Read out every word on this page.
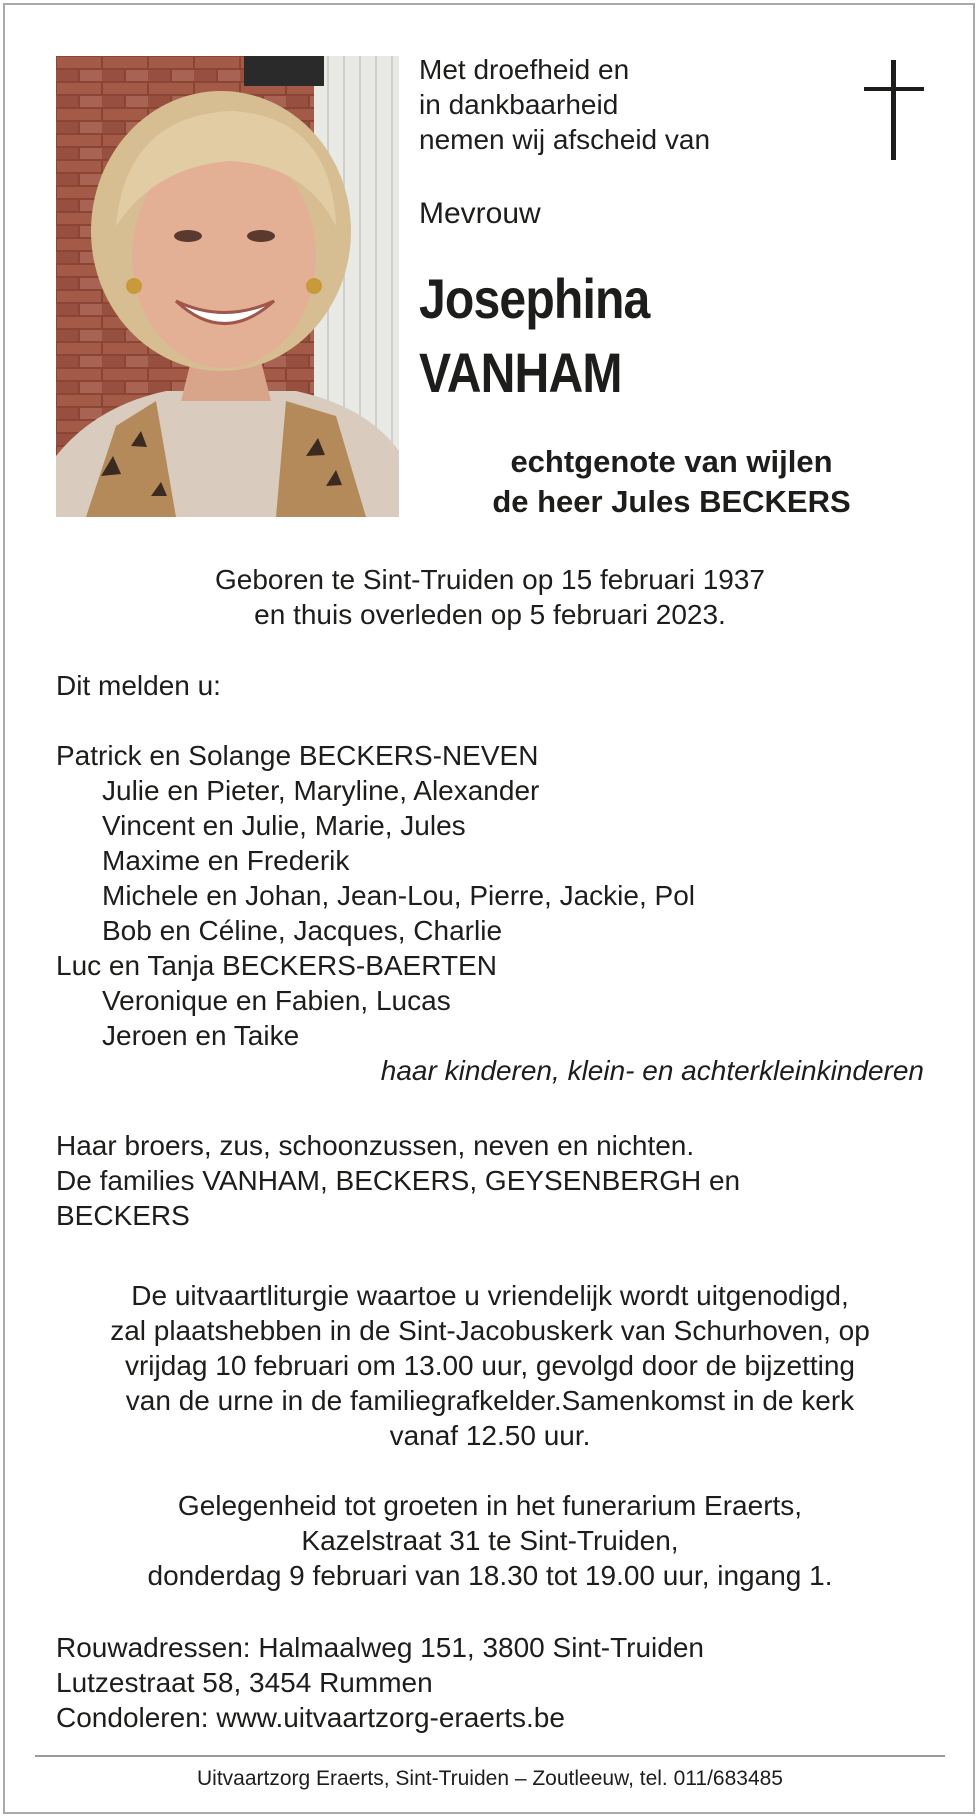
Met droefheid en
in dankbaarheid
nemen wij afscheid van
Mevrouw
Josephina
VANHAM
echtgenote van wijlen
de heer Jules BECKERS
Geboren te Sint-Truiden op 15 februari 1937
en thuis overleden op 5 februari 2023.
Dit melden u:
Patrick en Solange BECKERS-NEVEN
Julie en Pieter, Maryline, Alexander
Vincent en Julie, Marie, Jules
Maxime en Frederik
Michele en Johan, Jean-Lou, Pierre, Jackie, Pol
Bob en Céline, Jacques, Charlie
Luc en Tanja BECKERS-BAERTEN
Veronique en Fabien, Lucas
Jeroen en Taike
haar kinderen, klein- en achterkleinkinderen
Haar broers, zus, schoonzussen, neven en nichten.
De families VANHAM, BECKERS, GEYSENBERGH en
BECKERS
De uitvaartliturgie waartoe u vriendelijk wordt uitgenodigd,
zal plaatshebben in de Sint-Jacobuskerk van Schurhoven, op
vrijdag 10 februari om 13.00 uur, gevolgd door de bijzetting
van de urne in de familiegrafkelder.Samenkomst in de kerk
vanaf 12.50 uur.
Gelegenheid tot groeten in het funerarium Eraerts,
Kazelstraat 31 te Sint-Truiden,
donderdag 9 februari van 18.30 tot 19.00 uur, ingang 1.
Rouwadressen: Halmaalweg 151, 3800 Sint-Truiden
Lutzestraat 58, 3454 Rummen
Condoleren: www.uitvaartzorg-eraerts.be
Uitvaartzorg Eraerts, Sint-Truiden – Zoutleeuw, tel. 011/683485
